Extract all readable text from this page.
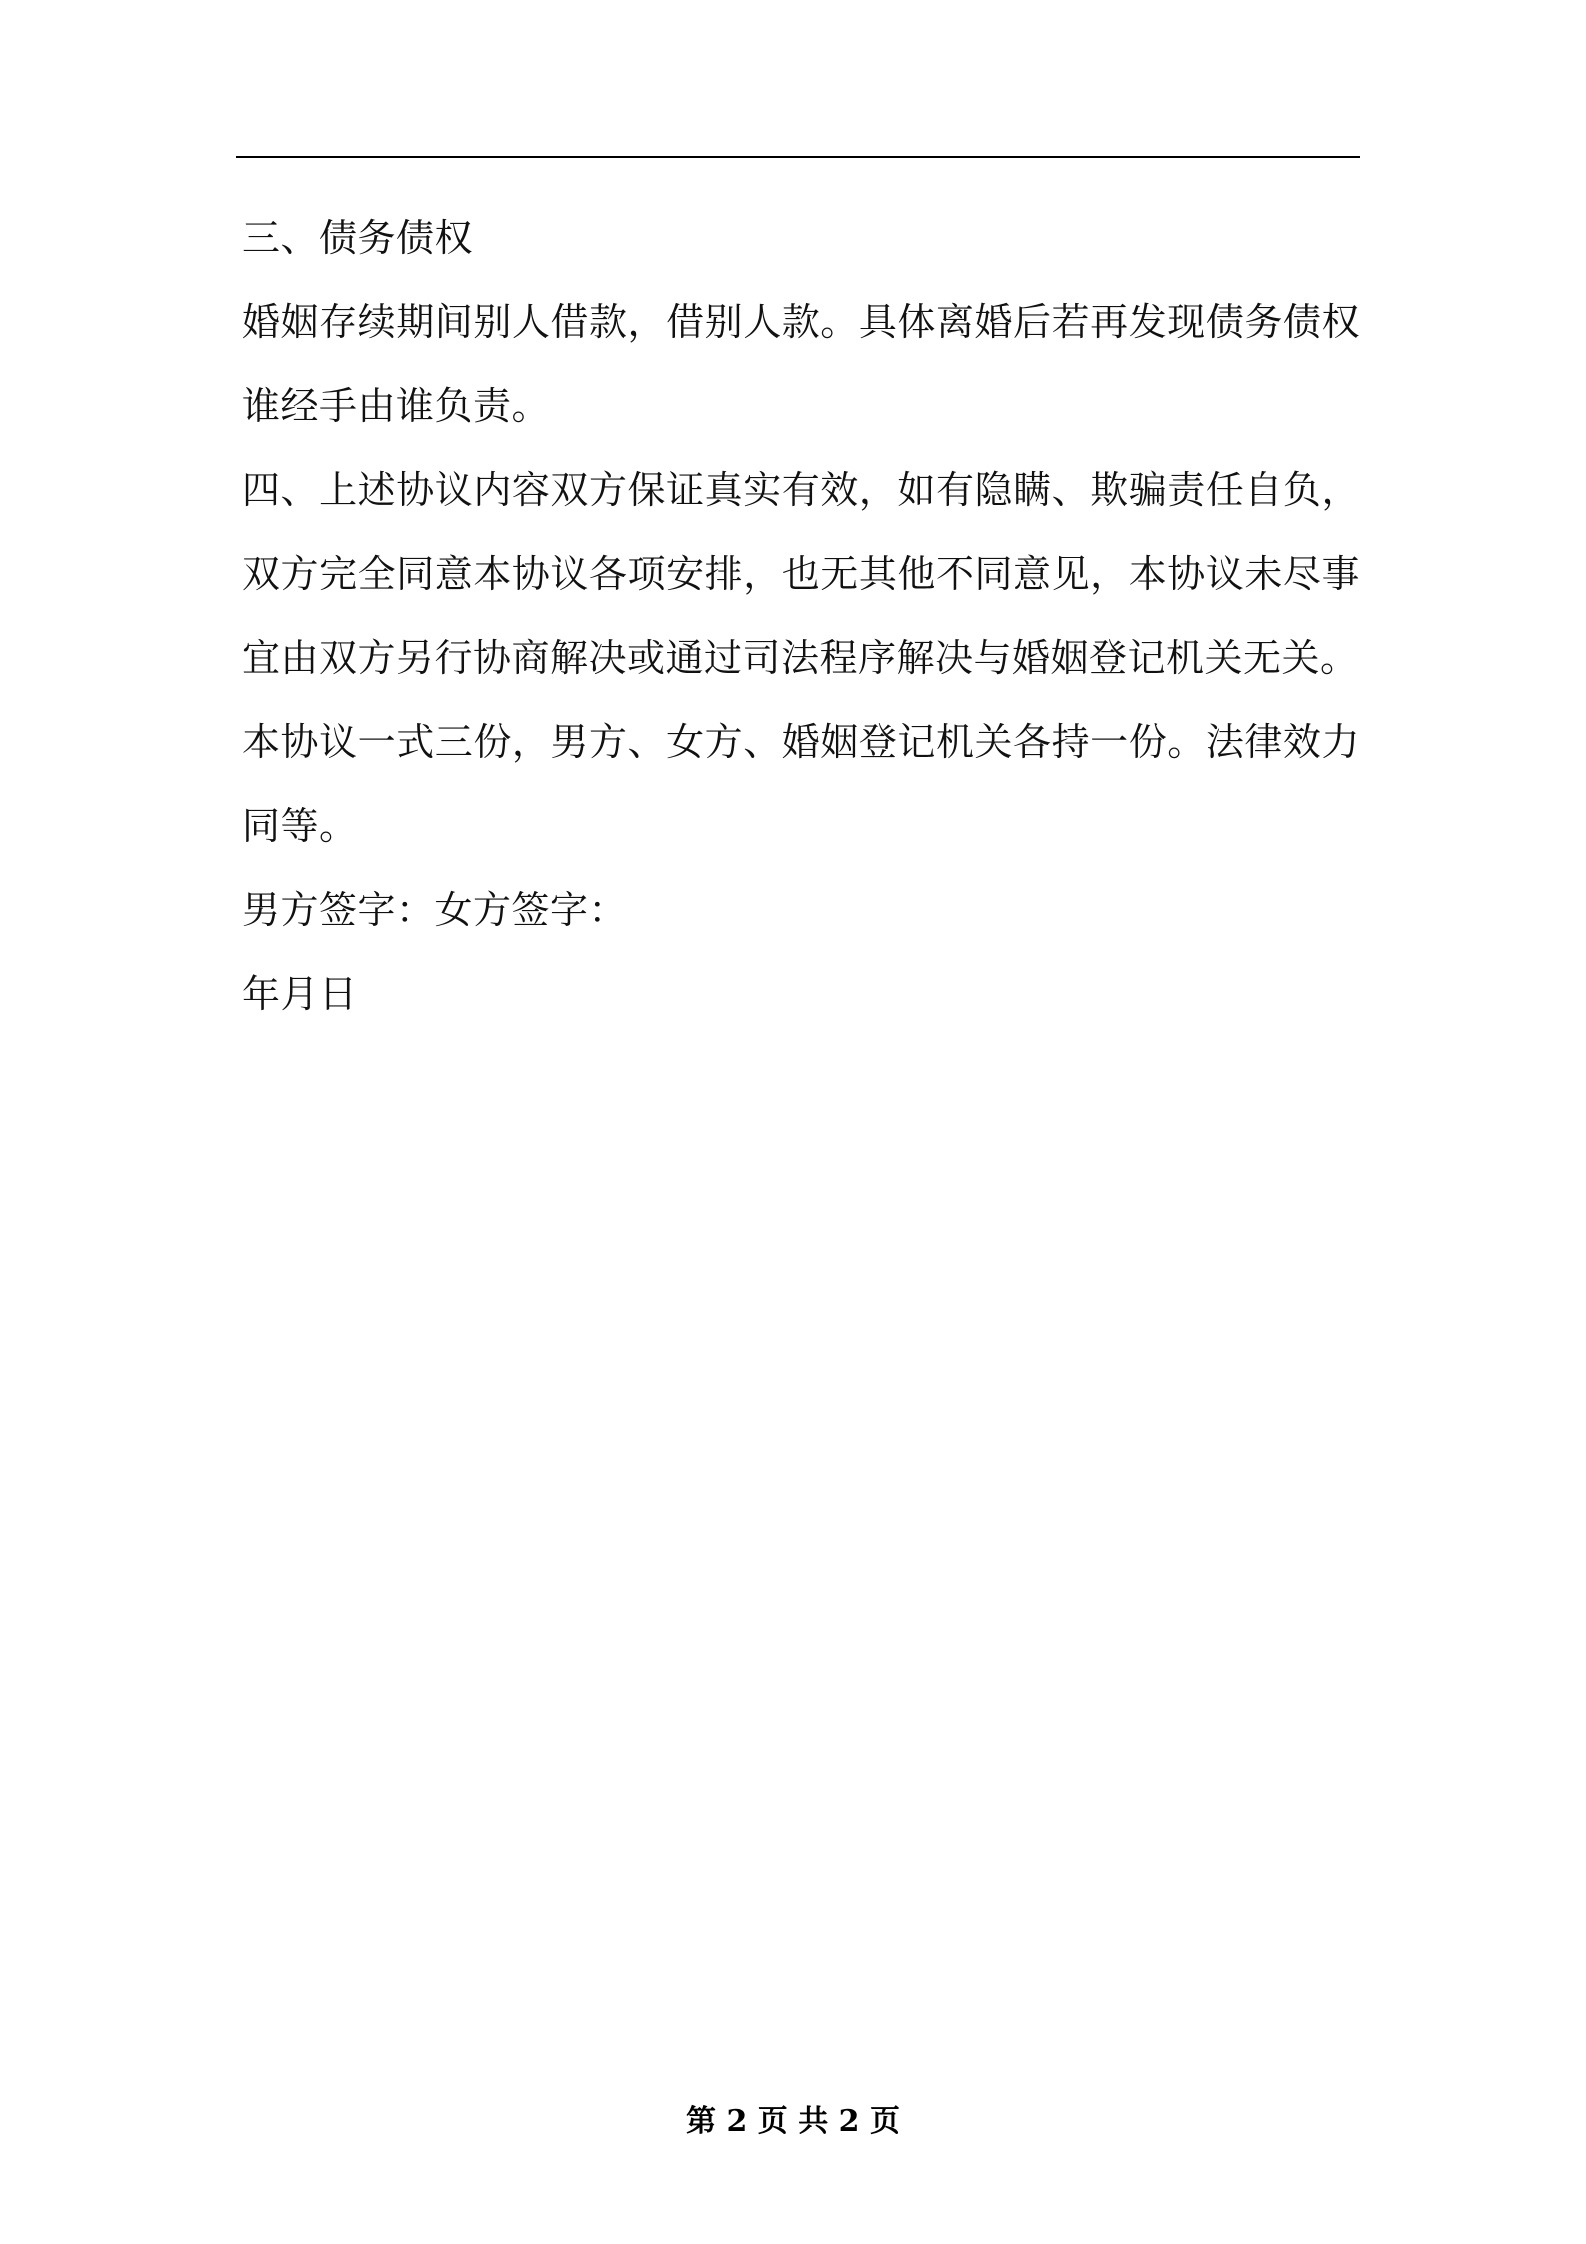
三、债务债权

婚姻存续期间别人借款，借别人款。具体离婚后若再发现债务债权谁经手由谁负责。

四、上述协议内容双方保证真实有效，如有隐瞒、欺骗责任自负，双方完全同意本协议各项安排，也无其他不同意见，本协议未尽事宜由双方另行协商解决或通过司法程序解决与婚姻登记机关无关。

本协议一式三份，男方、女方、婚姻登记机关各持一份。法律效力同等。

男方签字：女方签字：

年月日

第 2 页 共 2 页
